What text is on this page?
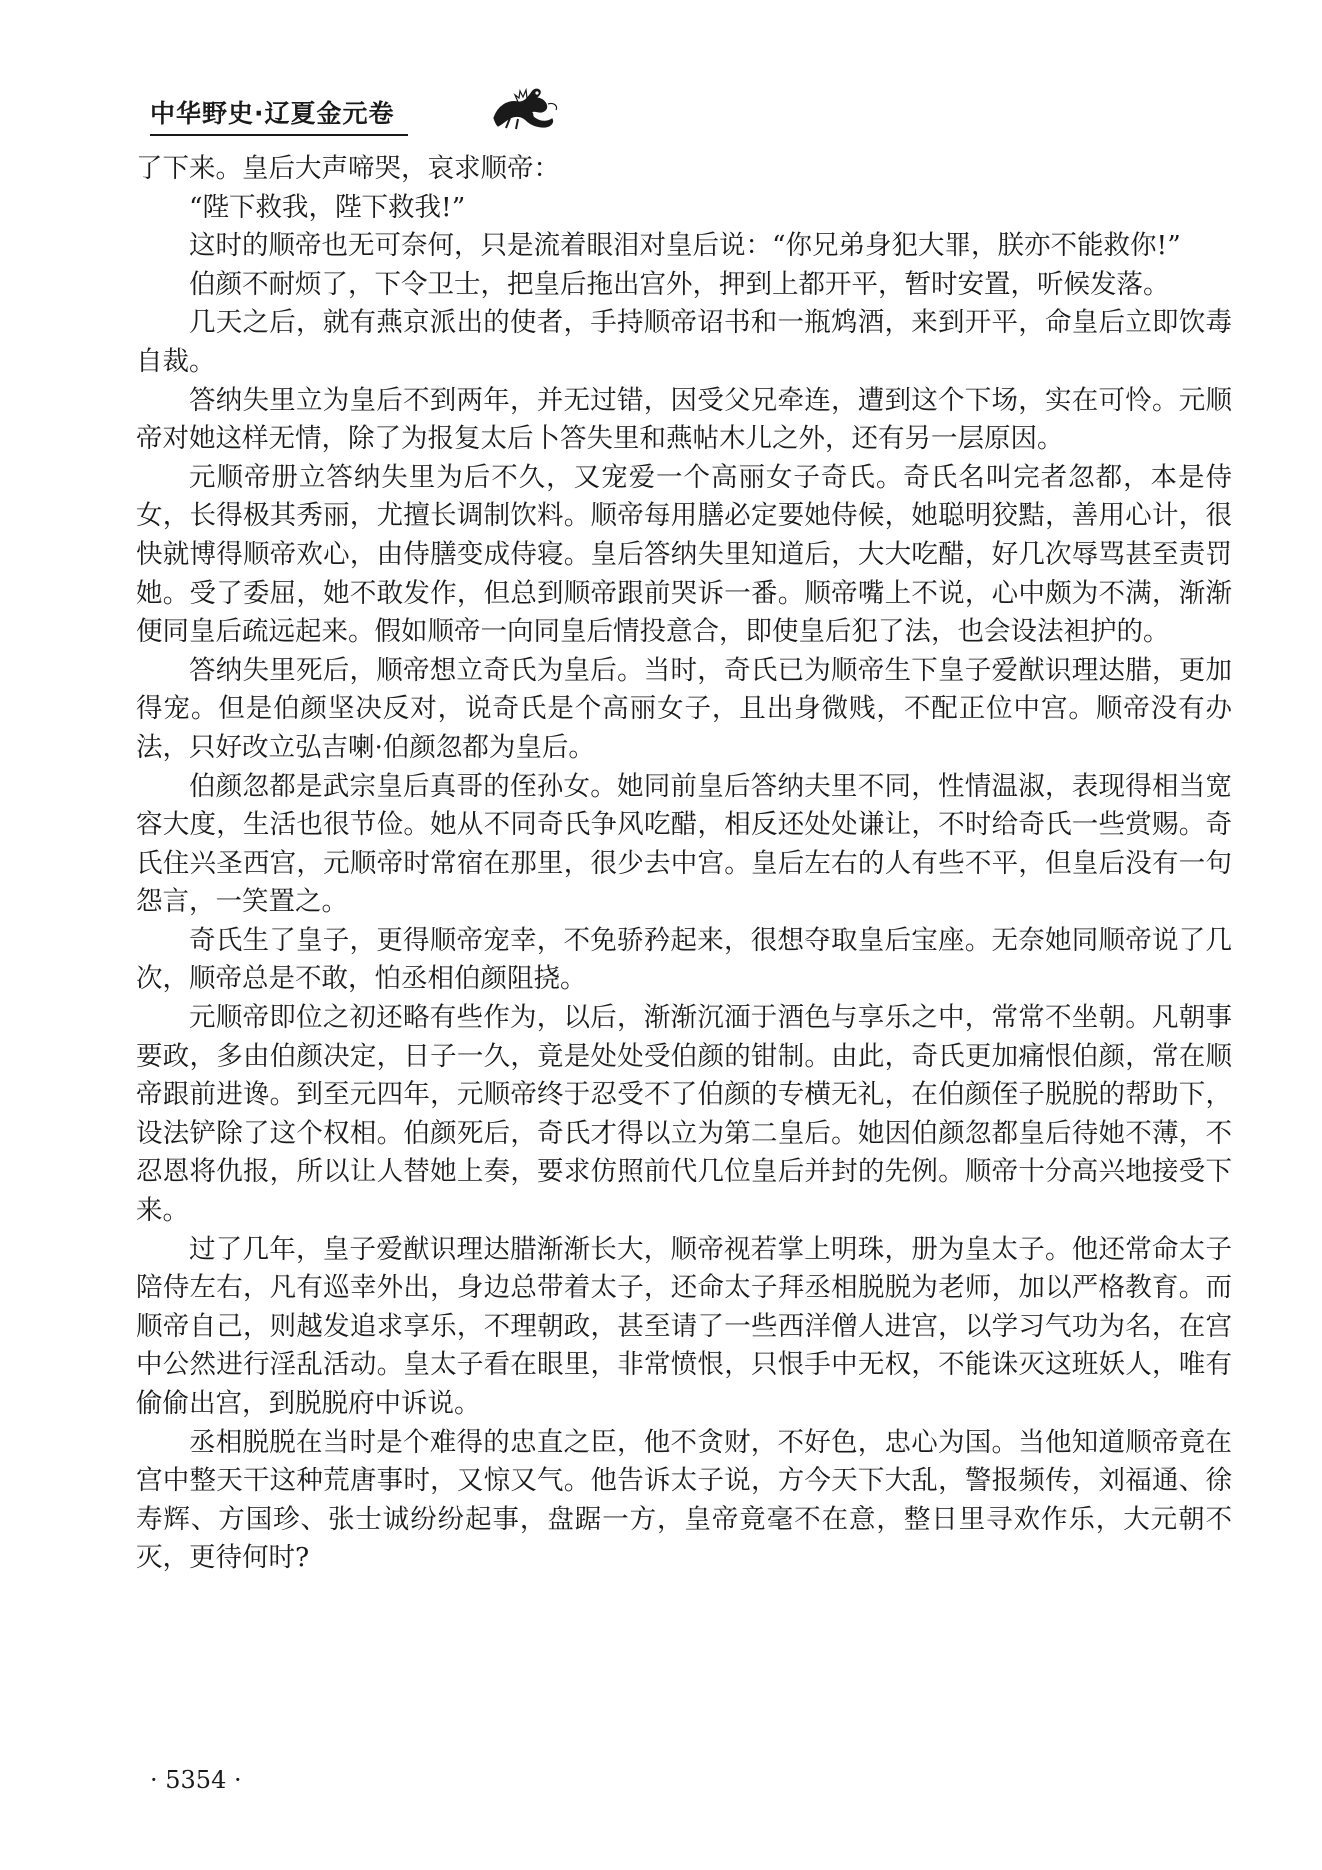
中华野史·辽夏金元卷

了下来。皇后大声啼哭，哀求顺帝：

“陛下救我，陛下救我!”

这时的顺帝也无可奈何，只是流着眼泪对皇后说：“你兄弟身犯大罪，朕亦不能救你!”

伯颜不耐烦了，下令卫士，把皇后拖出宫外，押到上都开平，暂时安置，听候发落。

几天之后，就有燕京派出的使者，手持顺帝诏书和一瓶鸩酒，来到开平，命皇后立即饮毒自裁。

答纳失里立为皇后不到两年，并无过错，因受父兄牵连，遭到这个下场，实在可怜。元顺帝对她这样无情，除了为报复太后卜答失里和燕帖木儿之外，还有另一层原因。

元顺帝册立答纳失里为后不久，又宠爱一个高丽女子奇氏。奇氏名叫完者忽都，本是侍女，长得极其秀丽，尤擅长调制饮料。顺帝每用膳必定要她侍候，她聪明狡黠，善用心计，很快就博得顺帝欢心，由侍膳变成侍寝。皇后答纳失里知道后，大大吃醋，好几次辱骂甚至责罚她。受了委屈，她不敢发作，但总到顺帝跟前哭诉一番。顺帝嘴上不说，心中颇为不满，渐渐便同皇后疏远起来。假如顺帝一向同皇后情投意合，即使皇后犯了法，也会设法袒护的。

答纳失里死后，顺帝想立奇氏为皇后。当时，奇氏已为顺帝生下皇子爱猷识理达腊，更加得宠。但是伯颜坚决反对，说奇氏是个高丽女子，且出身微贱，不配正位中宫。顺帝没有办法，只好改立弘吉喇·伯颜忽都为皇后。

伯颜忽都是武宗皇后真哥的侄孙女。她同前皇后答纳夫里不同，性情温淑，表现得相当宽容大度，生活也很节俭。她从不同奇氏争风吃醋，相反还处处谦让，不时给奇氏一些赏赐。奇氏住兴圣西宫，元顺帝时常宿在那里，很少去中宫。皇后左右的人有些不平，但皇后没有一句怨言，一笑置之。

奇氏生了皇子，更得顺帝宠幸，不免骄矜起来，很想夺取皇后宝座。无奈她同顺帝说了几次，顺帝总是不敢，怕丞相伯颜阻挠。

元顺帝即位之初还略有些作为，以后，渐渐沉湎于酒色与享乐之中，常常不坐朝。凡朝事要政，多由伯颜决定，日子一久，竟是处处受伯颜的钳制。由此，奇氏更加痛恨伯颜，常在顺帝跟前进谗。到至元四年，元顺帝终于忍受不了伯颜的专横无礼，在伯颜侄子脱脱的帮助下，设法铲除了这个权相。伯颜死后，奇氏才得以立为第二皇后。她因伯颜忽都皇后待她不薄，不忍恩将仇报，所以让人替她上奏，要求仿照前代几位皇后并封的先例。顺帝十分高兴地接受下来。

过了几年，皇子爱猷识理达腊渐渐长大，顺帝视若掌上明珠，册为皇太子。他还常命太子陪侍左右，凡有巡幸外出，身边总带着太子，还命太子拜丞相脱脱为老师，加以严格教育。而顺帝自己，则越发追求享乐，不理朝政，甚至请了一些西洋僧人进宫，以学习气功为名，在宫中公然进行淫乱活动。皇太子看在眼里，非常愤恨，只恨手中无权，不能诛灭这班妖人，唯有偷偷出宫，到脱脱府中诉说。

丞相脱脱在当时是个难得的忠直之臣，他不贪财，不好色，忠心为国。当他知道顺帝竟在宫中整天干这种荒唐事时，又惊又气。他告诉太子说，方今天下大乱，警报频传，刘福通、徐寿辉、方国珍、张士诚纷纷起事，盘踞一方，皇帝竟毫不在意，整日里寻欢作乐，大元朝不灭，更待何时?

· 5354 ·
